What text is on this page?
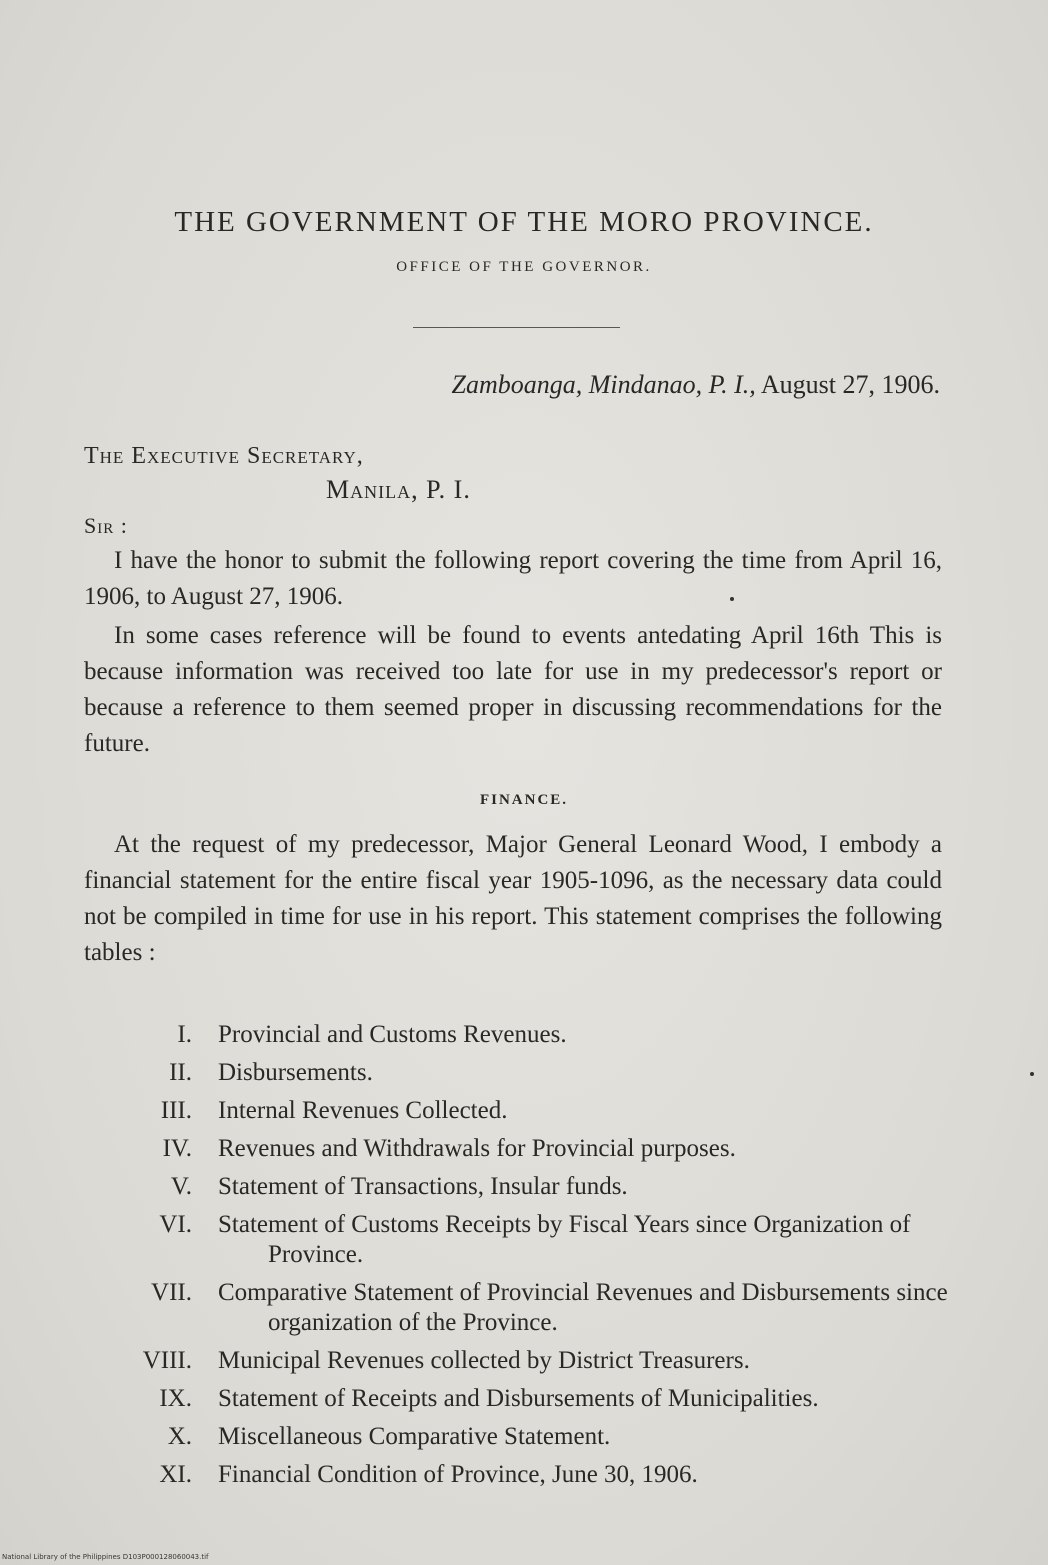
THE GOVERNMENT OF THE MORO PROVINCE.
OFFICE OF THE GOVERNOR.
Zamboanga, Mindanao, P. I., August 27, 1906.
The Executive Secretary,
Manila, P. I.
Sir :

I have the honor to submit the following report covering the time from April 16, 1906, to August 27, 1906.

In some cases reference will be found to events antedating April 16th This is because information was received too late for use in my predecessor's report or because a reference to them seemed proper in discussing recommendations for the future.

FINANCE.

At the request of my predecessor, Major General Leonard Wood, I embody a financial statement for the entire fiscal year 1905-1096, as the necessary data could not be compiled in time for use in his report. This statement comprises the following tables :

I. Provincial and Customs Revenues.
II. Disbursements.
III. Internal Revenues Collected.
IV. Revenues and Withdrawals for Provincial purposes.
V. Statement of Transactions, Insular funds.
VI. Statement of Customs Receipts by Fiscal Years since Organization of Province.
VII. Comparative Statement of Provincial Revenues and Disbursements since organization of the Province.
VIII. Municipal Revenues collected by District Treasurers.
IX. Statement of Receipts and Disbursements of Municipalities.
X. Miscellaneous Comparative Statement.
XI. Financial Condition of Province, June 30, 1906.
National Library of the Philippines D103P000128060043.tif
